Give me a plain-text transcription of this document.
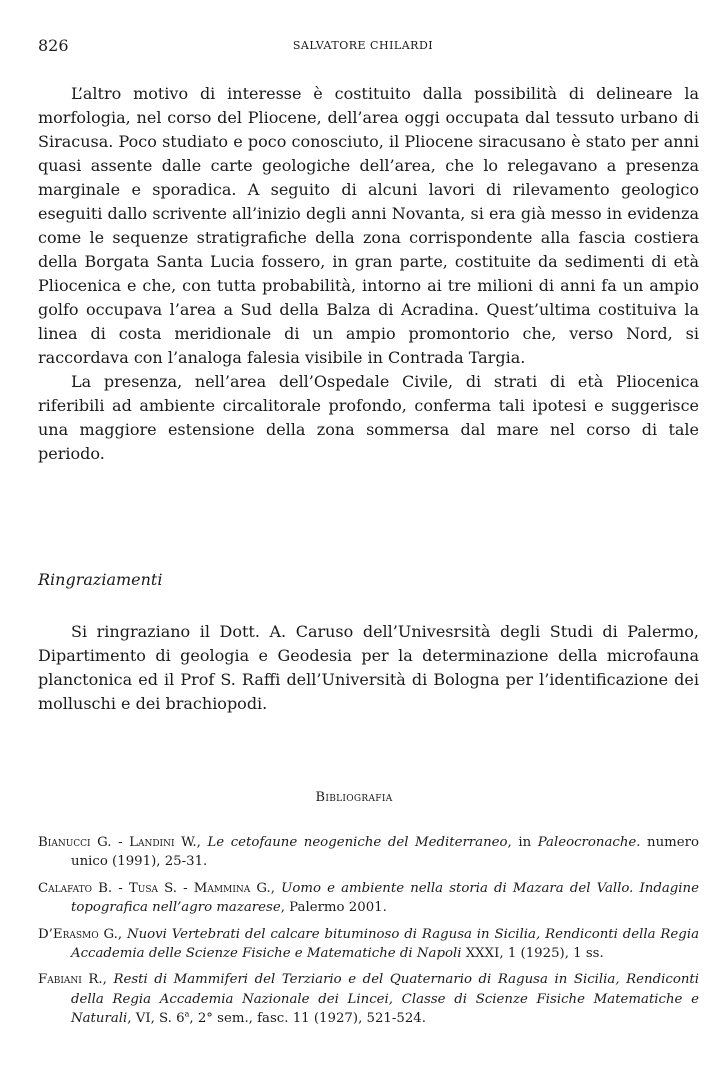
826	SALVATORE CHILARDI

L’altro motivo di interesse è costituito dalla possibilità di delineare la morfologia, nel corso del Pliocene, dell’area oggi occupata dal tessuto urbano di Siracusa. Poco studiato e poco conosciuto, il Pliocene siracusano è stato per anni quasi assente dalle carte geologiche dell’area, che lo relegavano a presenza marginale e sporadica. A seguito di alcuni lavori di rilevamento geologico eseguiti dallo scrivente all’inizio degli anni Novanta, si era già messo in evidenza come le sequenze stratigrafiche della zona corrispondente alla fascia costiera della Borgata Santa Lucia fossero, in gran parte, costituite da sedimenti di età Pliocenica e che, con tutta probabilità, intorno ai tre milioni di anni fa un ampio golfo occupava l’area a Sud della Balza di Acradina. Quest’ultima costituiva la linea di costa meridionale di un ampio promontorio che, verso Nord, si raccordava con l’analoga falesia visibile in Contrada Targia.

La presenza, nell’area dell’Ospedale Civile, di strati di età Pliocenica riferibili ad ambiente circalitorale profondo, conferma tali ipotesi e suggerisce una maggiore estensione della zona sommersa dal mare nel corso di tale periodo.

Ringraziamenti

Si ringraziano il Dott. A. Caruso dell’Univesrsità degli Studi di Palermo, Dipartimento di geologia e Geodesia per la determinazione della microfauna planctonica ed il Prof S. Raffi dell’Università di Bologna per l’identificazione dei molluschi e dei brachiopodi.

Bibliografia

Bianucci G. - Landini W., Le cetofaune neogeniche del Mediterraneo, in Paleocronache. numero unico (1991), 25-31.

Calafato B. - Tusa S. - Mammina G., Uomo e ambiente nella storia di Mazara del Vallo. Indagine topografica nell’agro mazarese, Palermo 2001.

D’Erasmo G., Nuovi Vertebrati del calcare bituminoso di Ragusa in Sicilia, Rendiconti della Regia Accademia delle Scienze Fisiche e Matematiche di Napoli XXXI, 1 (1925), 1 ss.

Fabiani R., Resti di Mammiferi del Terziario e del Quaternario di Ragusa in Sicilia, Rendiconti della Regia Accademia Nazionale dei Lincei, Classe di Scienze Fisiche Matematiche e Naturali, VI, S. 6$^a$, 2° sem., fasc. 11 (1927), 521-524.
